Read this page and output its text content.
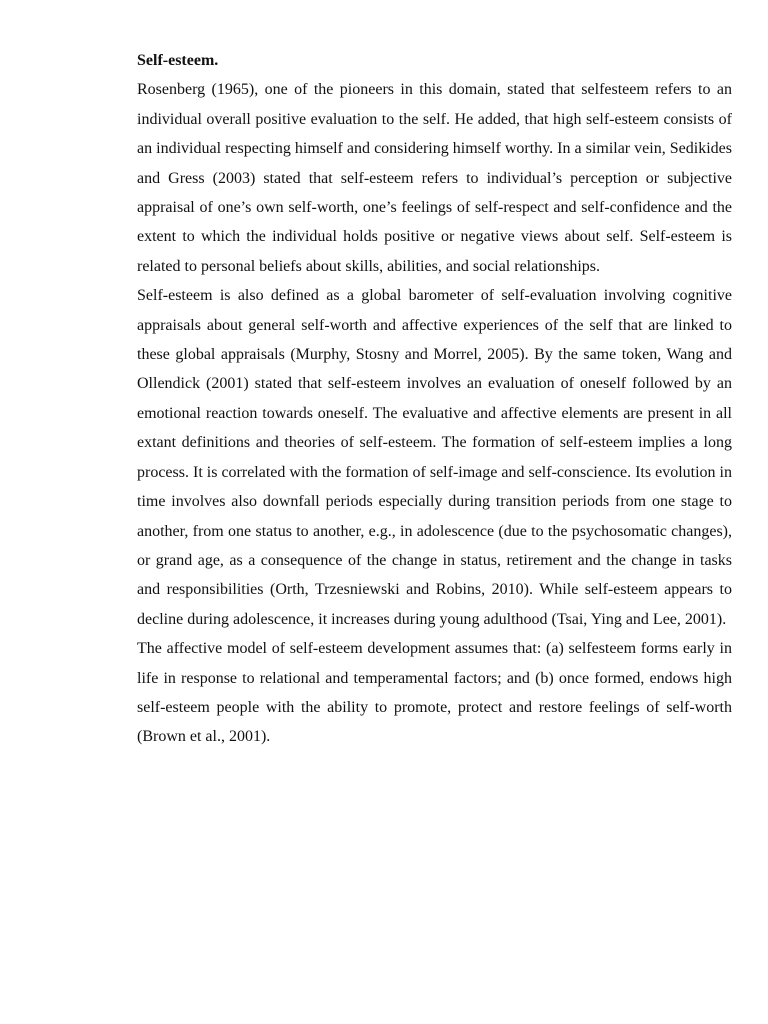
Self-esteem.

Rosenberg (1965), one of the pioneers in this domain, stated that selfesteem refers to an individual overall positive evaluation to the self. He added, that high self-esteem consists of an individual respecting himself and considering himself worthy. In a similar vein, Sedikides and Gress (2003) stated that self-esteem refers to individual’s perception or subjective appraisal of one’s own self-worth, one’s feelings of self-respect and self-confidence and the extent to which the individual holds positive or negative views about self. Self-esteem is related to personal beliefs about skills, abilities, and social relationships.

Self-esteem is also defined as a global barometer of self-evaluation involving cognitive appraisals about general self-worth and affective experiences of the self that are linked to these global appraisals (Murphy, Stosny and Morrel, 2005). By the same token, Wang and Ollendick (2001) stated that self-esteem involves an evaluation of oneself followed by an emotional reaction towards oneself. The evaluative and affective elements are present in all extant definitions and theories of self-esteem. The formation of self-esteem implies a long process. It is correlated with the formation of self-image and self-conscience. Its evolution in time involves also downfall periods especially during transition periods from one stage to another, from one status to another, e.g., in adolescence (due to the psychosomatic changes), or grand age, as a consequence of the change in status, retirement and the change in tasks and responsibilities (Orth, Trzesniewski and Robins, 2010). While self-esteem appears to decline during adolescence, it increases during young adulthood (Tsai, Ying and Lee, 2001).

The affective model of self-esteem development assumes that: (a) selfesteem forms early in life in response to relational and temperamental factors; and (b) once formed, endows high self-esteem people with the ability to promote, protect and restore feelings of self-worth (Brown et al., 2001).
